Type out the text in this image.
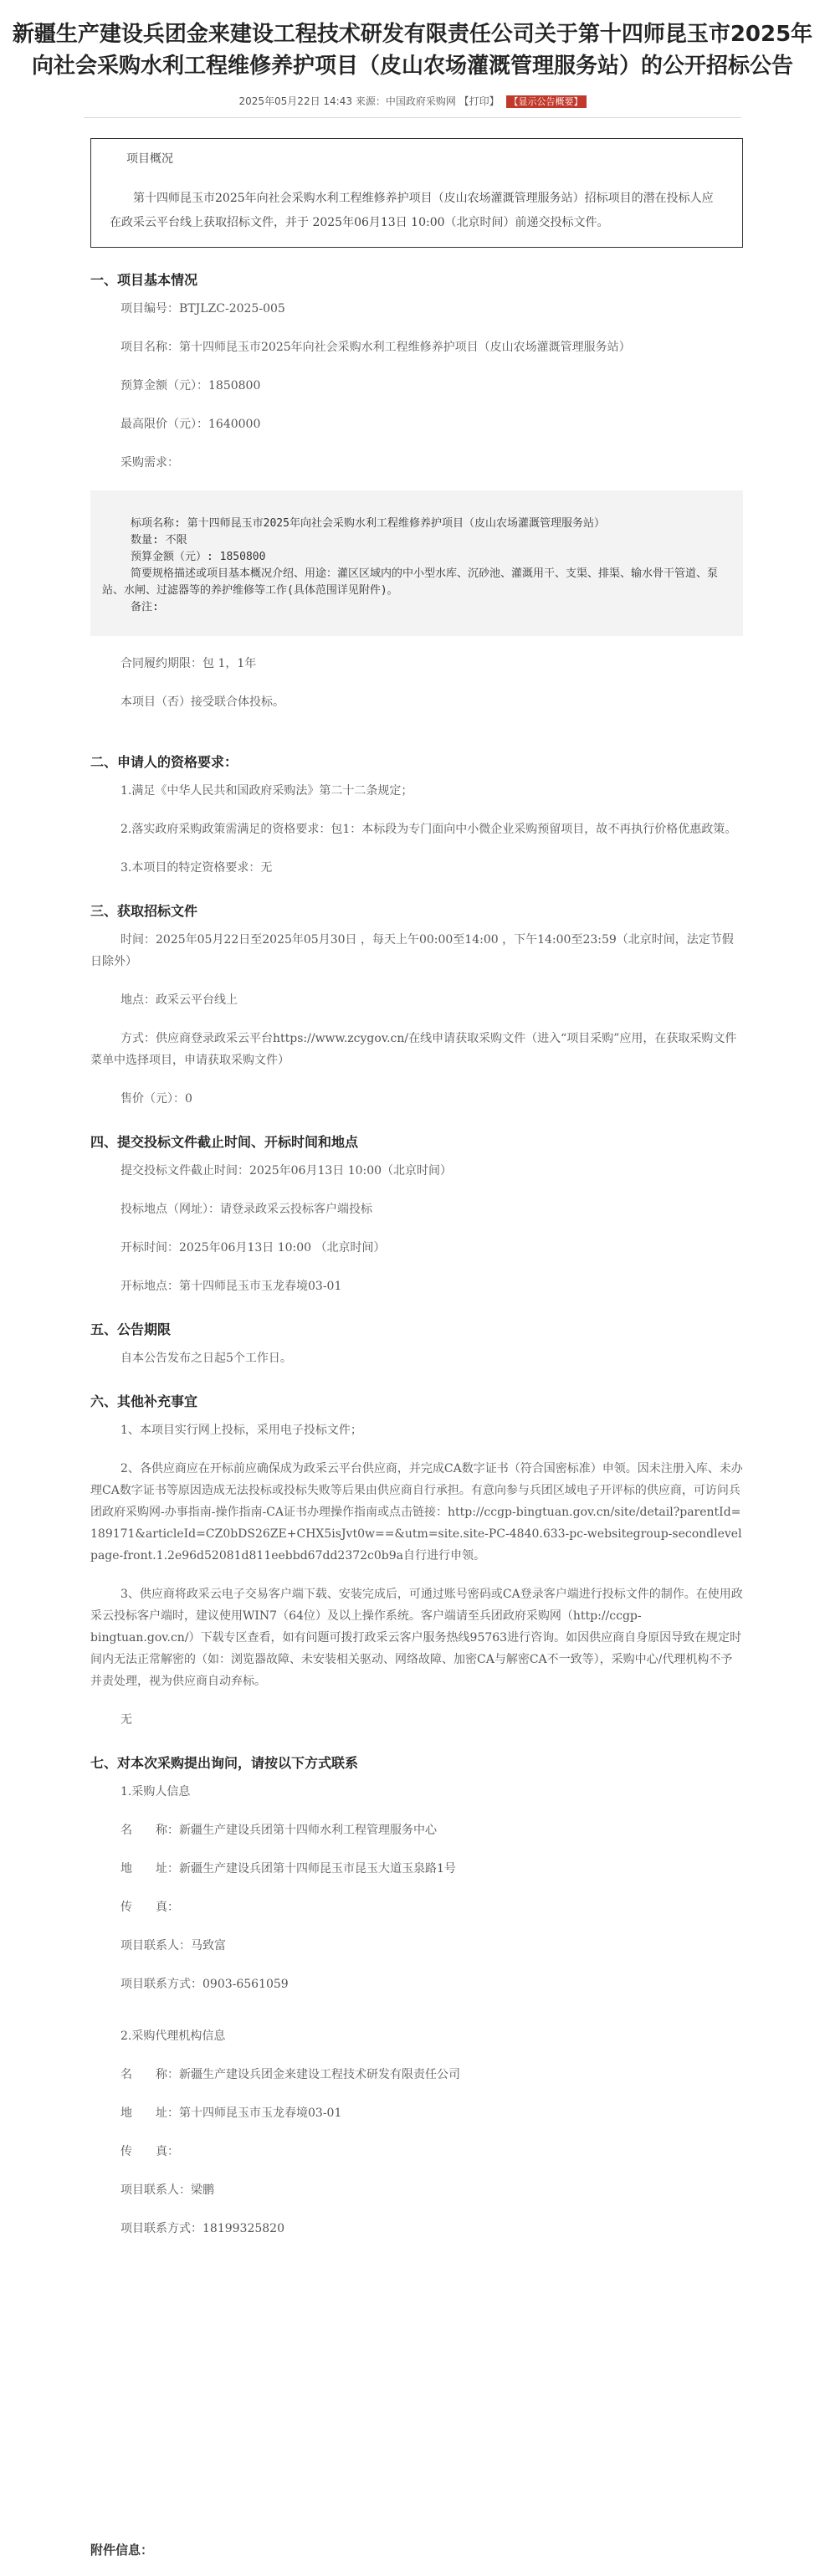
新疆生产建设兵团金来建设工程技术研发有限责任公司关于第十四师昆玉市2025年向社会采购水利工程维修养护项目（皮山农场灌溉管理服务站）的公开招标公告
2025年05月22日 14:43 来源：中国政府采购网 【打印】 【显示公告概要】
项目概况

第十四师昆玉市2025年向社会采购水利工程维修养护项目（皮山农场灌溉管理服务站）招标项目的潜在投标人应在政采云平台线上获取招标文件，并于 2025年06月13日 10:00（北京时间）前递交投标文件。

一、项目基本情况

项目编号：BTJLZC-2025-005

项目名称：第十四师昆玉市2025年向社会采购水利工程维修养护项目（皮山农场灌溉管理服务站）

预算金额（元）：1850800

最高限价（元）：1640000

采购需求：

标项名称: 第十四师昆玉市2025年向社会采购水利工程维修养护项目（皮山农场灌溉管理服务站）
数量: 不限
预算金额（元）: 1850800
简要规格描述或项目基本概况介绍、用途：灌区区域内的中小型水库、沉砂池、灌溉用干、支渠、排渠、输水骨干管道、泵站、水闸、过滤器等的养护维修等工作(具体范围详见附件)。
备注:

合同履约期限：包 1，1年

本项目（否）接受联合体投标。

二、申请人的资格要求：

1.满足《中华人民共和国政府采购法》第二十二条规定；

2.落实政府采购政策需满足的资格要求：包1：本标段为专门面向中小微企业采购预留项目，故不再执行价格优惠政策。

3.本项目的特定资格要求：无

三、获取招标文件

时间：2025年05月22日至2025年05月30日 ，每天上午00:00至14:00 ，下午14:00至23:59（北京时间，法定节假日除外）

地点：政采云平台线上

方式：供应商登录政采云平台https://www.zcygov.cn/在线申请获取采购文件（进入“项目采购”应用，在获取采购文件菜单中选择项目，申请获取采购文件）

售价（元）：0

四、提交投标文件截止时间、开标时间和地点

提交投标文件截止时间：2025年06月13日 10:00（北京时间）

投标地点（网址）：请登录政采云投标客户端投标

开标时间：2025年06月13日 10:00 （北京时间）

开标地点：第十四师昆玉市玉龙春境03-01

五、公告期限

自本公告发布之日起5个工作日。

六、其他补充事宜

1、本项目实行网上投标，采用电子投标文件；

2、各供应商应在开标前应确保成为政采云平台供应商，并完成CA数字证书（符合国密标准）申领。因未注册入库、未办理CA数字证书等原因造成无法投标或投标失败等后果由供应商自行承担。有意向参与兵团区域电子开评标的供应商，可访问兵团政府采购网-办事指南-操作指南-CA证书办理操作指南或点击链接：http://ccgp-bingtuan.gov.cn/site/detail?parentId=189171&articleId=CZ0bDS26ZE+CHX5isJvt0w==&utm=site.site-PC-4840.633-pc-websitegroup-secondlevelpage-front.1.2e96d52081d811eebbd67dd2372c0b9a自行进行申领。

3、供应商将政采云电子交易客户端下载、安装完成后，可通过账号密码或CA登录客户端进行投标文件的制作。在使用政采云投标客户端时，建议使用WIN7（64位）及以上操作系统。客户端请至兵团政府采购网（http://ccgp-bingtuan.gov.cn/）下载专区查看，如有问题可拨打政采云客户服务热线95763进行咨询。如因供应商自身原因导致在规定时间内无法正常解密的（如：浏览器故障、未安装相关驱动、网络故障、加密CA与解密CA不一致等），采购中心/代理机构不予并责处理，视为供应商自动弃标。

无

七、对本次采购提出询问，请按以下方式联系

1.采购人信息

名　　称：新疆生产建设兵团第十四师水利工程管理服务中心

地　　址：新疆生产建设兵团第十四师昆玉市昆玉大道玉泉路1号

传　　真：

项目联系人：马致富

项目联系方式：0903-6561059

2.采购代理机构信息

名　　称：新疆生产建设兵团金来建设工程技术研发有限责任公司

地　　址：第十四师昆玉市玉龙春境03-01

传　　真：

项目联系人：梁鹏

项目联系方式：18199325820

附件信息：
